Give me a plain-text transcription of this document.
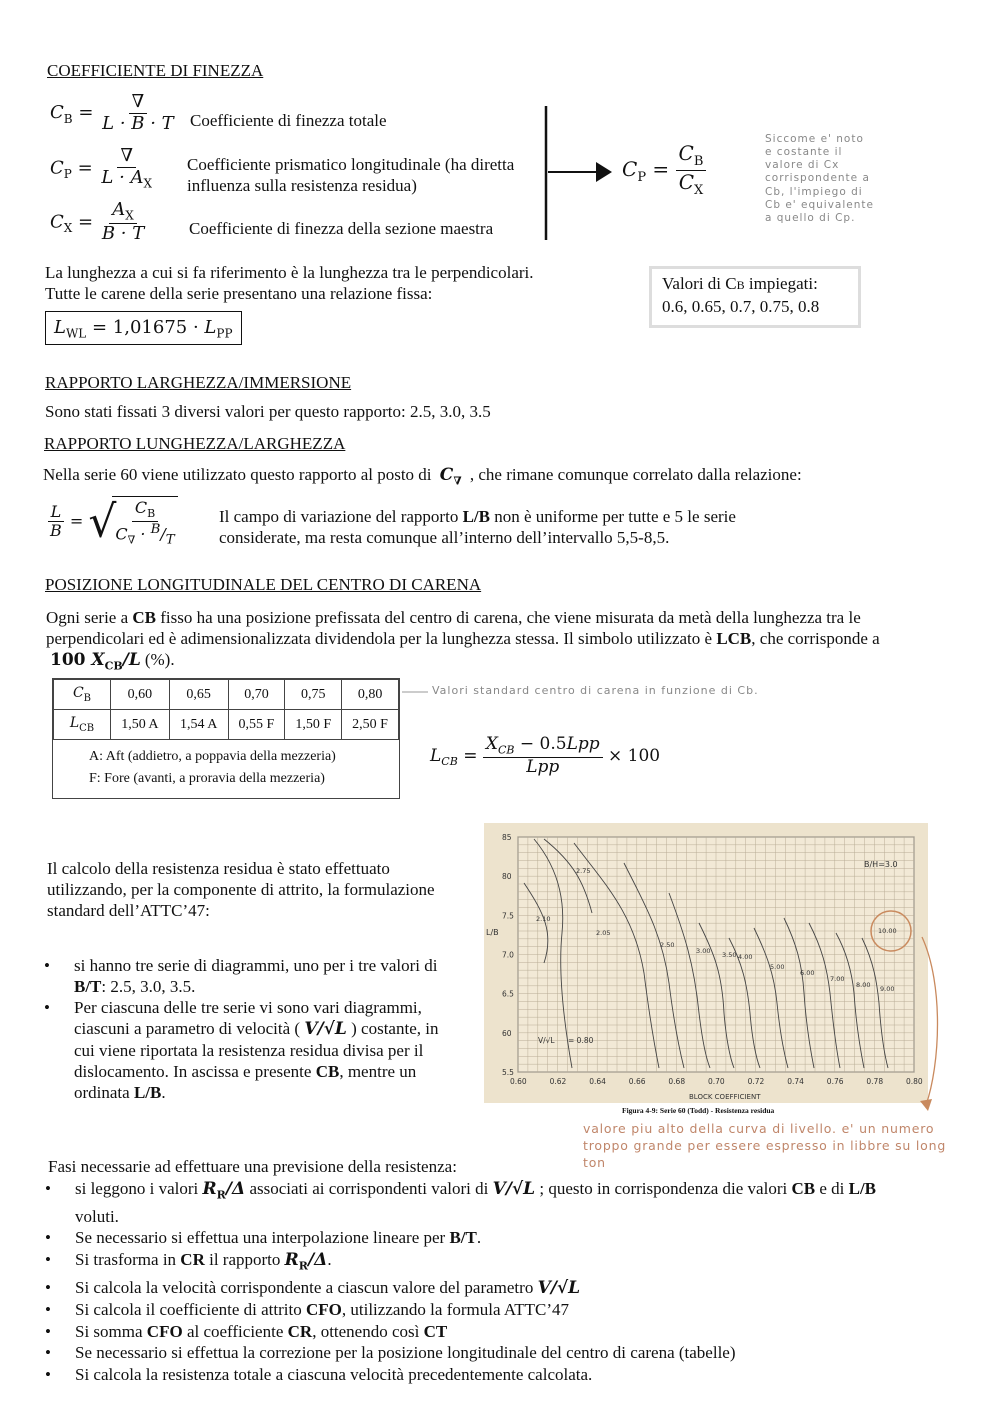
COEFFICIENTE DI FINEZZA
$C_B = \frac{\nabla}{L \cdot B \cdot T}$ Coefficiente di finezza totale
$C_P = \frac{\nabla}{L \cdot A_X}$ Coefficiente prismatico longitudinale (ha diretta influenza sulla resistenza residua)
$C_X = \frac{A_X}{B \cdot T}$ Coefficiente di finezza della sezione maestra
$C_P = \frac{C_B}{C_X}$
Siccome e' noto e costante il valore di Cx corrispondente a Cb, l'impiego di Cb e' equivalente a quello di Cp.
La lunghezza a cui si fa riferimento è la lunghezza tra le perpendicolari.
Tutte le carene della serie presentano una relazione fissa:
$L_{WL} = 1,01675 \cdot L_{PP}$
Valori di CB impiegati:
0.6, 0.65, 0.7, 0.75, 0.8
RAPPORTO LARGHEZZA/IMMERSIONE
Sono stati fissati 3 diversi valori per questo rapporto: 2.5, 3.0, 3.5
RAPPORTO LUNGHEZZA/LARGHEZZA
Nella serie 60 viene utilizzato questo rapporto al posto di $C_\nabla$ , che rimane comunque correlato dalla relazione:
$\frac{L}{B}$ = √
$\frac{C_B}{C_\nabla \cdot ^B/_T}$ Il campo di variazione del rapporto L/B non è uniforme per tutte e 5 le serie considerate, ma resta comunque all’interno dell’intervallo 5,5-8,5.
POSIZIONE LONGITUDINALE DEL CENTRO DI CARENA
Ogni serie a CB fisso ha una posizione prefissata del centro di carena, che viene misurata da metà della lunghezza tra le perpendicolari ed è adimensionalizzata dividendola per la lunghezza stessa. Il simbolo utilizzato è LCB, che corrisponde a 100 $X_{CB}/L$ (%).
$C_B$	0,60	0,65	0,70	0,75	0,80
$L_{CB}$	1,50 A	1,54 A	0,55 F	1,50 F	2,50 F
A: Aft (addietro, a poppavia della mezzeria)
F: Fore (avanti, a proravia della mezzeria)
Valori standard centro di carena in funzione di Cb.
$L_{CB} = \frac{X_{CB} - 0.5Lpp}{\text{Lpp}} \times 100$
Il calcolo della resistenza residua è stato effettuato utilizzando, per la componente di attrito, la formulazione standard dell’ATTC’47:
• si hanno tre serie di diagrammi, uno per i tre valori di B/T: 2.5, 3.0, 3.5.
• Per ciascuna delle tre serie vi sono vari diagrammi, ciascuni a parametro di velocità ( V/√L ) costante, in cui viene riportata la resistenza residua divisa per il dislocamento. In ascissa e presente CB, mentre un ordinata L/B.
0.60	0.62	0.64	0.66	0.68	0.70	0.72	0.74	0.76	0.78	0.80
85
80
7.5
7.0
6.5
60
5.5
2.75
2.10
2.05
2.50
3.00 3.50 4.00
5.00
6.00
7.00
8.00 9.00
10.00
L/B
BLOCK COEFFICIENT
B/H=3.0
V/√L = 0.80
Figura 4-9: Serie 60 (Todd) - Resistenza residua
valore piu alto della curva di livello. e' un numero troppo grande per essere espresso in libbre su long ton
Fasi necessarie ad effettuare una previsione della resistenza:
• si leggono i valori $R_R/\Delta$ associati ai corrispondenti valori di V/√L ; questo in corrispondenza die valori CB e di L/B voluti.
• Se necessario si effettua una interpolazione lineare per B/T.
• Si trasforma in CR il rapporto $R_R/\Delta$.
• Si calcola la velocità corrispondente a ciascun valore del parametro V/√L
• Si calcola il coefficiente di attrito CFO, utilizzando la formula ATTC’47
• Si somma CFO al coefficiente CR, ottenendo così CT
• Se necessario si effettua la correzione per la posizione longitudinale del centro di carena (tabelle)
• Si calcola la resistenza totale a ciascuna velocità precedentemente calcolata.
